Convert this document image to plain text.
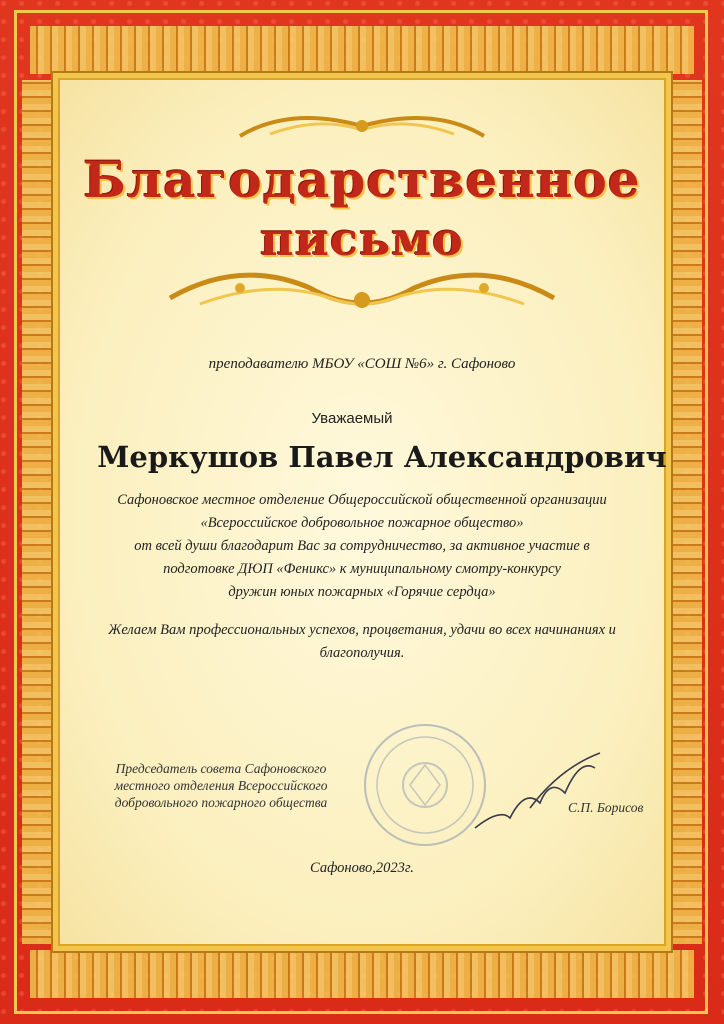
Благодарственное
письмо
преподавателю МБОУ «СОШ №6» г. Сафоново
Уважаемый
Меркушов Павел Александрович
Сафоновское местное отделение Общероссийской общественной организации
«Всероссийское добровольное пожарное общество»
от всей души благодарит Вас за сотрудничество, за активное участие в
подготовке ДЮП «Феникс» к муниципальному смотру-конкурсу
дружин юных пожарных «Горячие сердца»
Желаем Вам профессиональных успехов, процветания, удачи во всех начинаниях и
благополучия.
Председатель совета Сафоновского
местного отделения Всероссийского
добровольного пожарного общества	С.П. Борисов
Сафоново,2023г.
